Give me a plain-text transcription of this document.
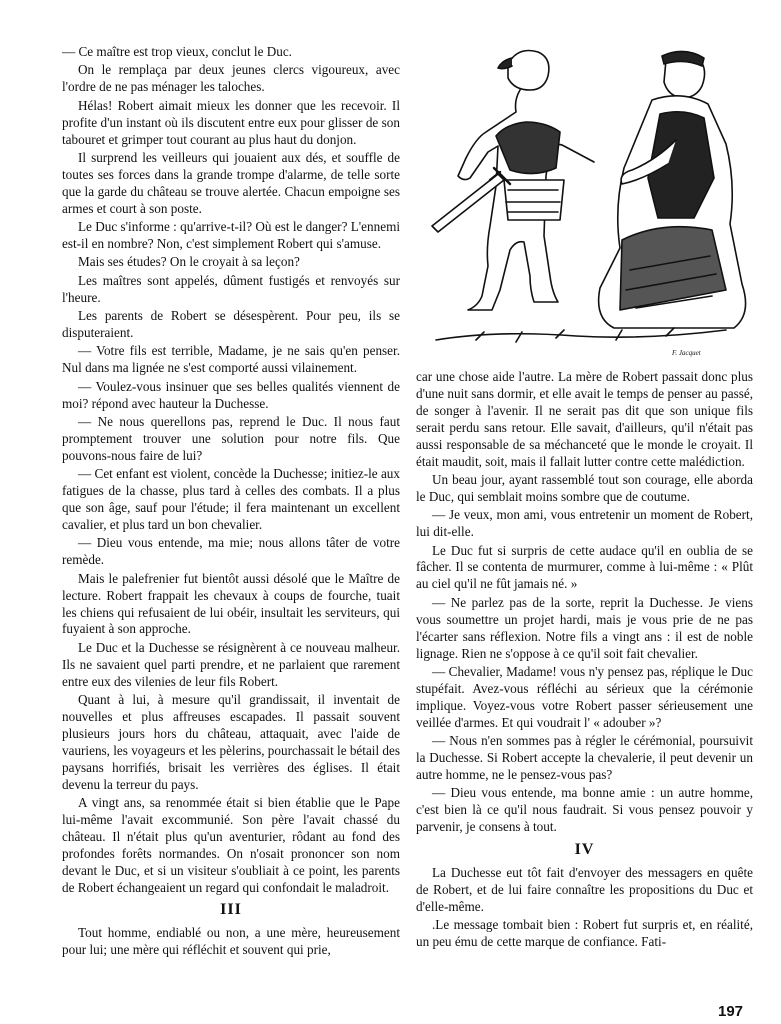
— Ce maître est trop vieux, conclut le Duc.

On le remplaça par deux jeunes clercs vigoureux, avec l'ordre de ne pas ménager les taloches.

Hélas! Robert aimait mieux les donner que les recevoir. Il profite d'un instant où ils discutent entre eux pour glisser de son tabouret et grimper tout courant au plus haut du donjon.

Il surprend les veilleurs qui jouaient aux dés, et souffle de toutes ses forces dans la grande trompe d'alarme, de telle sorte que la garde du château se trouve alertée. Chacun empoigne ses armes et court à son poste.

Le Duc s'informe : qu'arrive-t-il? Où est le danger? L'ennemi est-il en nombre? Non, c'est simplement Robert qui s'amuse.

Mais ses études? On le croyait à sa leçon?

Les maîtres sont appelés, dûment fustigés et renvoyés sur l'heure.

Les parents de Robert se désespèrent. Pour peu, ils se disputeraient.

— Votre fils est terrible, Madame, je ne sais qu'en penser. Nul dans ma lignée ne s'est comporté aussi vilainement.

— Voulez-vous insinuer que ses belles qualités viennent de moi? répond avec hauteur la Duchesse.

— Ne nous querellons pas, reprend le Duc. Il nous faut promptement trouver une solution pour notre fils. Que pouvons-nous faire de lui?

— Cet enfant est violent, concède la Duchesse; initiez-le aux fatigues de la chasse, plus tard à celles des combats. Il a plus que son âge, sauf pour l'étude; il fera maintenant un excellent cavalier, et plus tard un bon chevalier.

— Dieu vous entende, ma mie; nous allons tâter de votre remède.

Mais le palefrenier fut bientôt aussi désolé que le Maître de lecture. Robert frappait les chevaux à coups de fourche, tuait les chiens qui refusaient de lui obéir, insultait les serviteurs, qui fuyaient à son approche.

Le Duc et la Duchesse se résignèrent à ce nouveau malheur. Ils ne savaient quel parti prendre, et ne parlaient que rarement entre eux des vilenies de leur fils Robert.

Quant à lui, à mesure qu'il grandissait, il inventait de nouvelles et plus affreuses escapades. Il passait souvent plusieurs jours hors du château, attaquait, avec l'aide de vauriens, les voyageurs et les pèlerins, pourchassait le bétail des paysans horrifiés, brisait les verrières des églises. Il était devenu la terreur du pays.

A vingt ans, sa renommée était si bien établie que le Pape lui-même l'avait excommunié. Son père l'avait chassé du château. Il n'était plus qu'un aventurier, rôdant au fond des profondes forêts normandes. On n'osait prononcer son nom devant le Duc, et si un visiteur s'oubliait à ce point, les parents de Robert échangeaient un regard qui confondait le maladroit.

III

Tout homme, endiablé ou non, a une mère, heureusement pour lui; une mère qui réfléchit et souvent qui prie,

F. Jacquet

car une chose aide l'autre. La mère de Robert passait donc plus d'une nuit sans dormir, et elle avait le temps de penser au passé, de songer à l'avenir. Il ne serait pas dit que son unique fils serait perdu sans retour. Elle savait, d'ailleurs, qu'il n'était pas aussi responsable de sa méchanceté que le monde le croyait. Il était maudit, soit, mais il fallait lutter contre cette malédiction.

Un beau jour, ayant rassemblé tout son courage, elle aborda le Duc, qui semblait moins sombre que de coutume.

— Je veux, mon ami, vous entretenir un moment de Robert, lui dit-elle.

Le Duc fut si surpris de cette audace qu'il en oublia de se fâcher. Il se contenta de murmurer, comme à lui-même : « Plût au ciel qu'il ne fût jamais né. »

— Ne parlez pas de la sorte, reprit la Duchesse. Je viens vous soumettre un projet hardi, mais je vous prie de ne pas l'écarter sans réflexion. Notre fils a vingt ans : il est de noble lignage. Rien ne s'oppose à ce qu'il soit fait chevalier.

— Chevalier, Madame! vous n'y pensez pas, réplique le Duc stupéfait. Avez-vous réfléchi au sérieux que la cérémonie implique. Voyez-vous votre Robert passer sérieusement une veillée d'armes. Et qui voudrait l' « adouber »?

— Nous n'en sommes pas à régler le cérémonial, poursuivit la Duchesse. Si Robert accepte la chevalerie, il peut devenir un autre homme, ne le pensez-vous pas?

— Dieu vous entende, ma bonne amie : un autre homme, c'est bien là ce qu'il nous faudrait. Si vous pensez pouvoir y parvenir, je consens à tout.

IV

La Duchesse eut tôt fait d'envoyer des messagers en quête de Robert, et de lui faire connaître les propositions du Duc et d'elle-même.

.Le message tombait bien : Robert fut surpris et, en réalité, un peu ému de cette marque de confiance. Fati-

197
